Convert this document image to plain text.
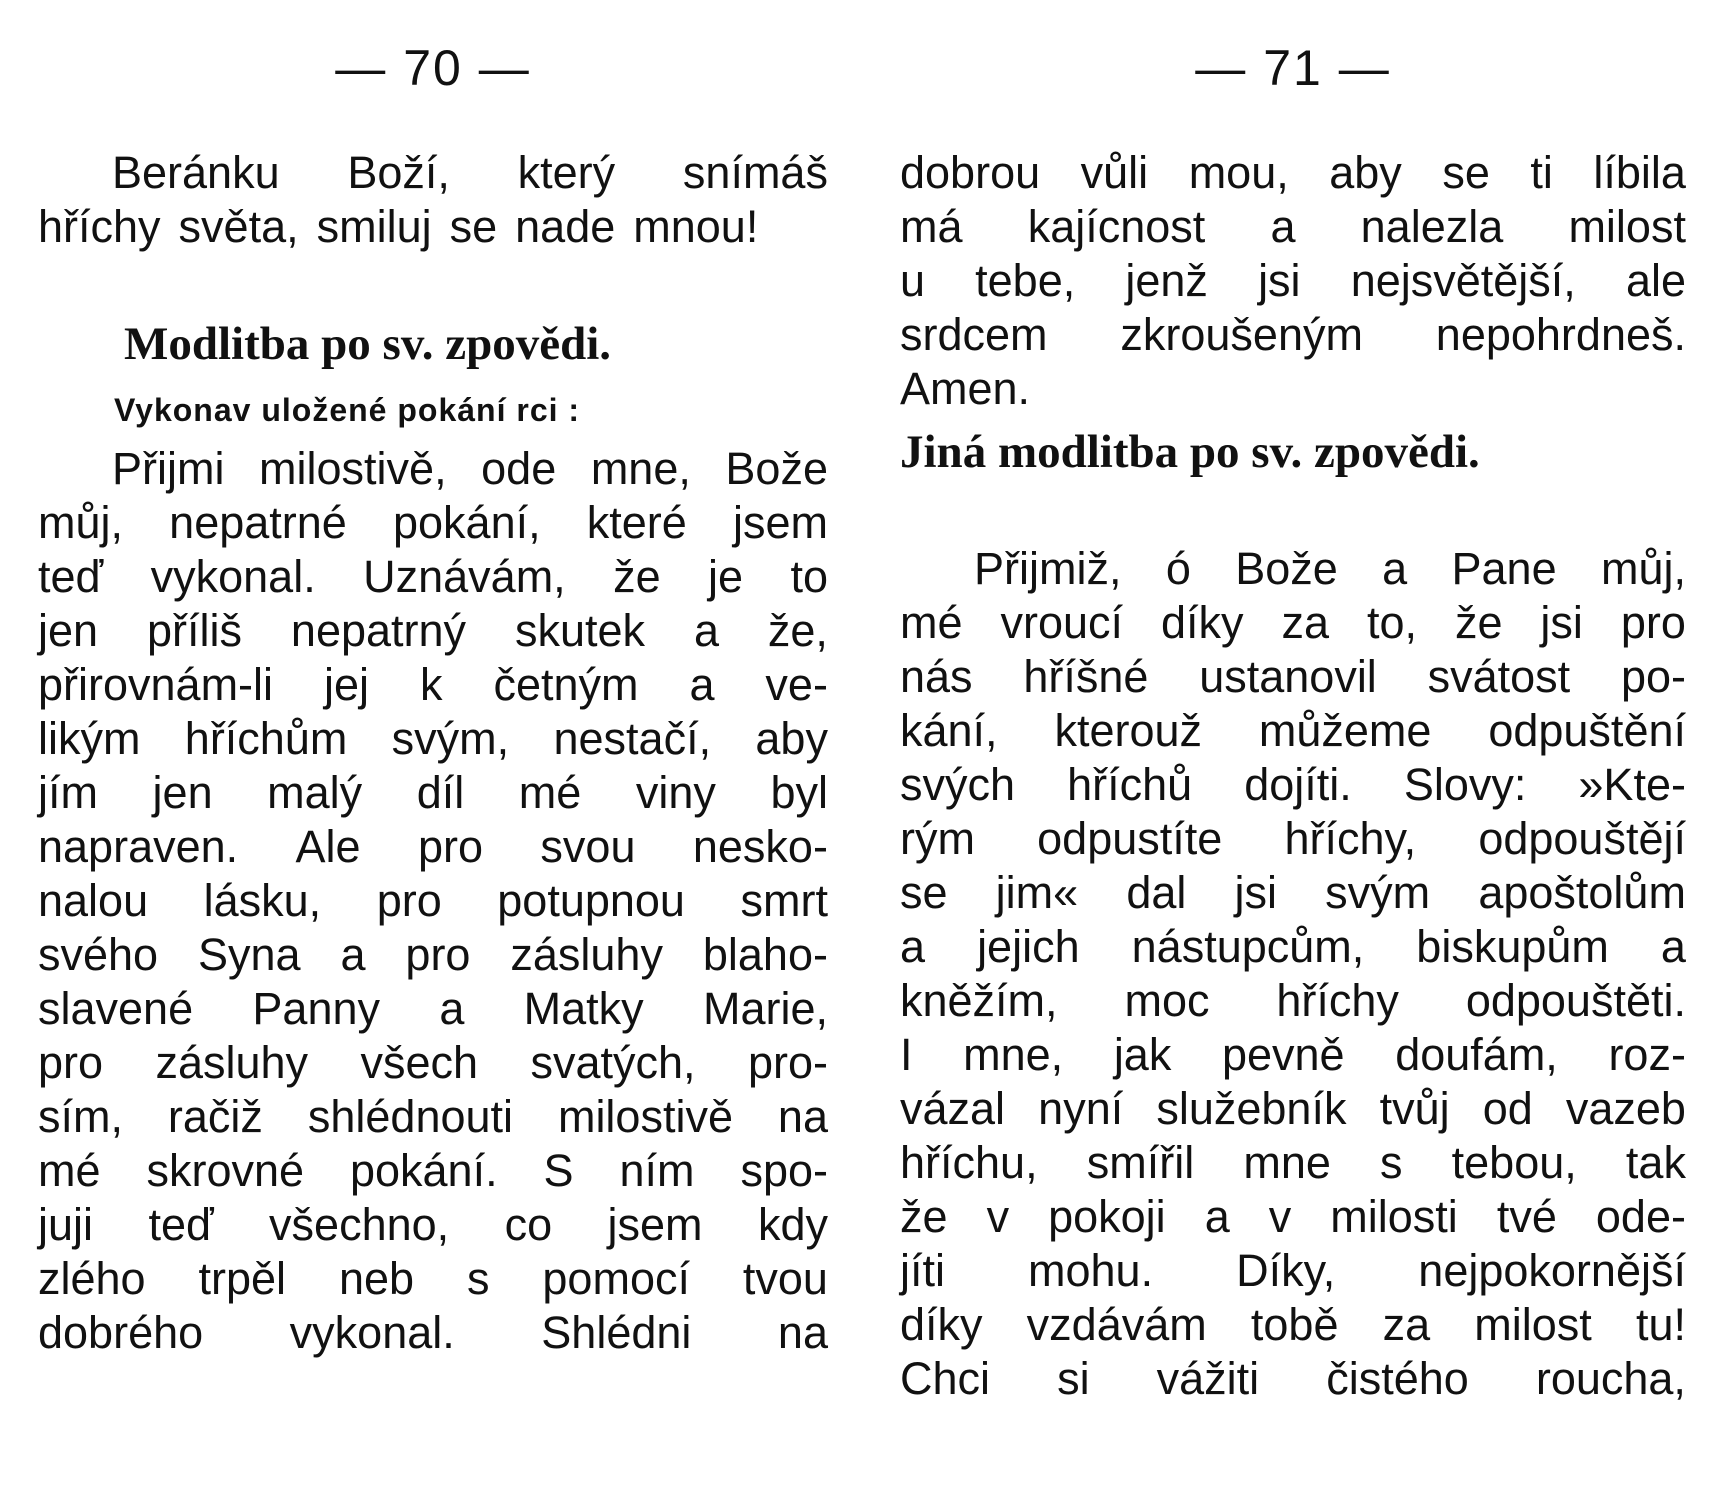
— 70 —
Beránku Boží, který snímáš
hříchy světa, smiluj se nade mnou!
Modlitba po sv. zpovědi.
Vykonav uložené pokání rci :
Přijmi milostivě, ode mne, Bože
můj, nepatrné pokání, které jsem
teď vykonal. Uznávám, že je to
jen příliš nepatrný skutek a že,
přirovnám-li jej k četným a ve-
likým hříchům svým, nestačí, aby
jím jen malý díl mé viny byl
napraven. Ale pro svou nesko-
nalou lásku, pro potupnou smrt
svého Syna a pro zásluhy blaho-
slavené Panny a Matky Marie,
pro zásluhy všech svatých, pro-
sím, račiž shlédnouti milostivě na
mé skrovné pokání. S ním spo-
juji teď všechno, co jsem kdy
zlého trpěl neb s pomocí tvou
dobrého vykonal. Shlédni na
— 71 —
dobrou vůli mou, aby se ti líbila
má kajícnost a nalezla milost
u tebe, jenž jsi nejsvětější, ale
srdcem zkroušeným nepohrdneš.
Amen.
Jiná modlitba po sv. zpovědi.
Přijmiž, ó Bože a Pane můj,
mé vroucí díky za to, že jsi pro
nás hříšné ustanovil svátost po-
kání, kterouž můžeme odpuštění
svých hříchů dojíti. Slovy: »Kte-
rým odpustíte hříchy, odpouštějí
se jim« dal jsi svým apoštolům
a jejich nástupcům, biskupům a
kněžím, moc hříchy odpouštěti.
I mne, jak pevně doufám, roz-
vázal nyní služebník tvůj od vazeb
hříchu, smířil mne s tebou, tak
že v pokoji a v milosti tvé ode-
jíti mohu. Díky, nejpokornější
díky vzdávám tobě za milost tu!
Chci si vážiti čistého roucha,
